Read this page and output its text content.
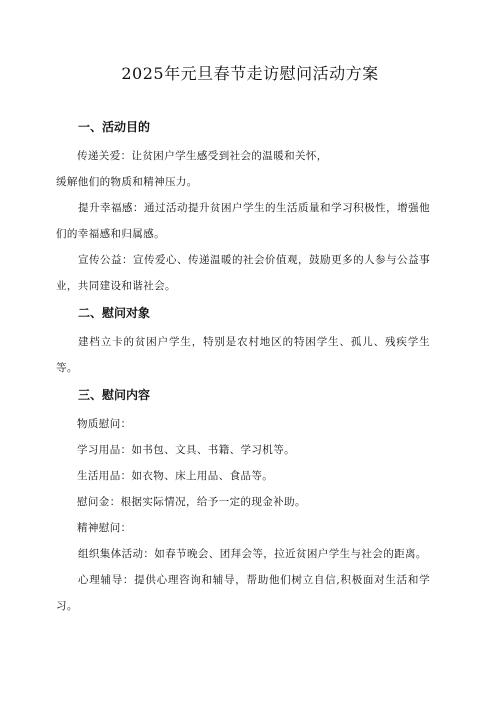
2025年元旦春节走访慰问活动方案
一、活动目的

传递关爱：让贫困户学生感受到社会的温暖和关怀，

缓解他们的物质和精神压力。

提升幸福感：通过活动提升贫困户学生的生活质量和学习积极性，增强他们的幸福感和归属感。

宣传公益：宣传爱心、传递温暖的社会价值观，鼓励更多的人参与公益事业，共同建设和谐社会。

二、慰问对象

建档立卡的贫困户学生，特别是农村地区的特困学生、孤儿、残疾学生等。

三、慰问内容

物质慰问：

学习用品：如书包、文具、书籍、学习机等。

生活用品：如衣物、床上用品、食品等。

慰问金：根据实际情况，给予一定的现金补助。

精神慰问：

组织集体活动：如春节晚会、团拜会等，拉近贫困户学生与社会的距离。

心理辅导：提供心理咨询和辅导，帮助他们树立自信,积极面对生活和学习。
